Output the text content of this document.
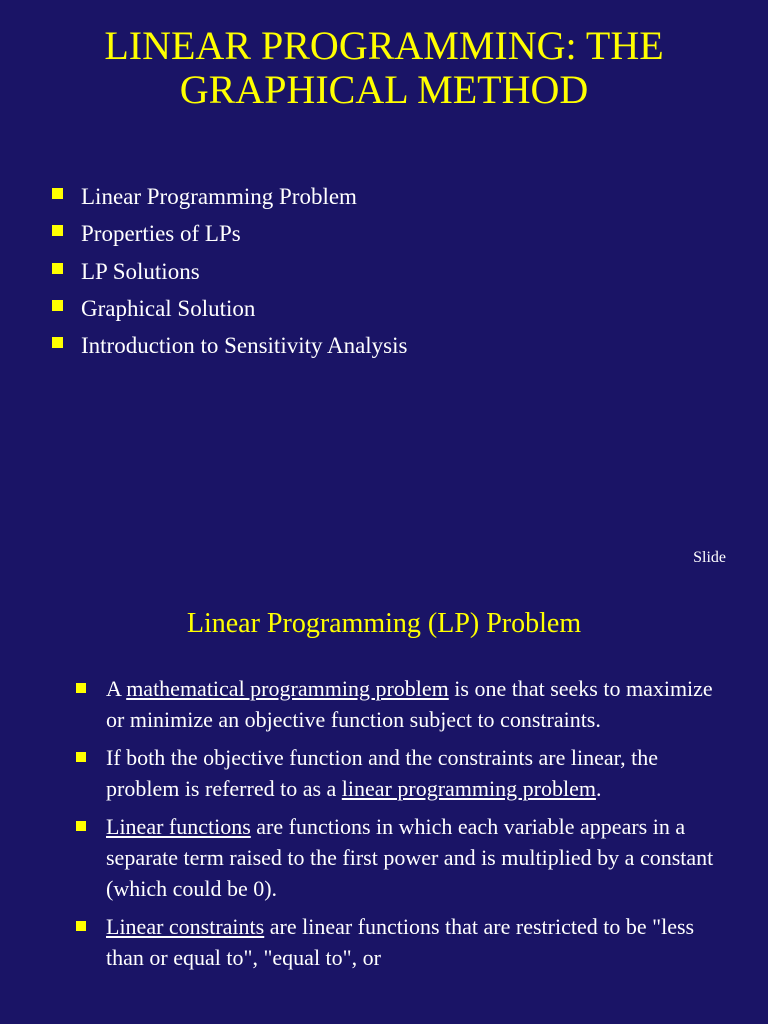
LINEAR PROGRAMMING: THE GRAPHICAL METHOD
Linear Programming Problem
Properties of LPs
LP Solutions
Graphical Solution
Introduction to Sensitivity Analysis
Slide
Linear Programming (LP) Problem
A mathematical programming problem is one that seeks to maximize or minimize an objective function subject to constraints.
If both the objective function and the constraints are linear, the problem is referred to as a linear programming problem.
Linear functions are functions in which each variable appears in a separate term raised to the first power and is multiplied by a constant (which could be 0).
Linear constraints are linear functions that are restricted to be "less than or equal to", "equal to", or
